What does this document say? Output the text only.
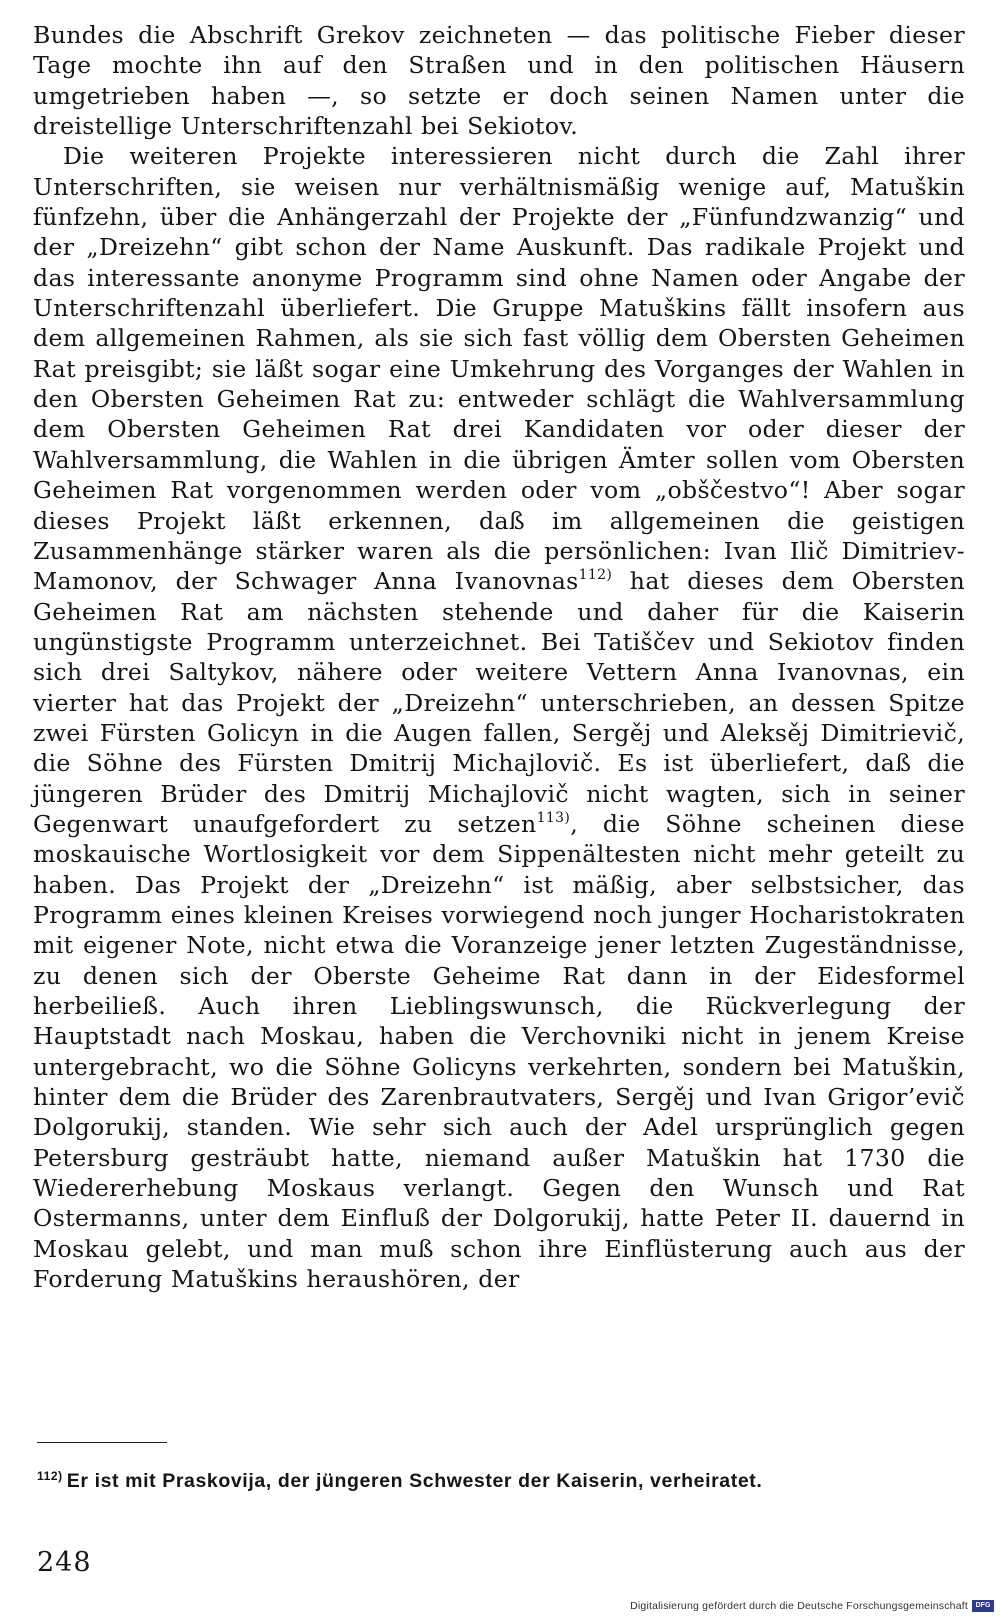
Bundes die Abschrift Grekov zeichneten — das politische Fieber dieser Tage mochte ihn auf den Straßen und in den politischen Häusern umgetrieben haben —, so setzte er doch seinen Namen unter die dreistellige Unterschriftenzahl bei Sekiotov.

Die weiteren Projekte interessieren nicht durch die Zahl ihrer Unterschriften, sie weisen nur verhältnismäßig wenige auf, Matuškin fünfzehn, über die Anhängerzahl der Projekte der „Fünfundzwanzig“ und der „Dreizehn“ gibt schon der Name Auskunft. Das radikale Projekt und das interessante anonyme Programm sind ohne Namen oder Angabe der Unterschriftenzahl überliefert. Die Gruppe Matuškins fällt insofern aus dem allgemeinen Rahmen, als sie sich fast völlig dem Obersten Geheimen Rat preisgibt; sie läßt sogar eine Umkehrung des Vorganges der Wahlen in den Obersten Geheimen Rat zu: entweder schlägt die Wahlversammlung dem Obersten Geheimen Rat drei Kandidaten vor oder dieser der Wahlversammlung, die Wahlen in die übrigen Ämter sollen vom Obersten Geheimen Rat vorgenommen werden oder vom „obščestvo“! Aber sogar dieses Projekt läßt erkennen, daß im allgemeinen die geistigen Zusammenhänge stärker waren als die persönlichen: Ivan Ilič Dimitriev-Mamonov, der Schwager Anna Ivanovnas$^{112)}$ hat dieses dem Obersten Geheimen Rat am nächsten stehende und daher für die Kaiserin ungünstigste Programm unterzeichnet. Bei Tatiščev und Sekiotov finden sich drei Saltykov, nähere oder weitere Vettern Anna Ivanovnas, ein vierter hat das Projekt der „Dreizehn“ unterschrieben, an dessen Spitze zwei Fürsten Golicyn in die Augen fallen, Sergěj und Aleksěj Dimitrievič, die Söhne des Fürsten Dmitrij Michajlovič. Es ist überliefert, daß die jüngeren Brüder des Dmitrij Michajlovič nicht wagten, sich in seiner Gegenwart unaufgefordert zu setzen$^{113)}$, die Söhne scheinen diese moskauische Wortlosigkeit vor dem Sippenältesten nicht mehr geteilt zu haben. Das Projekt der „Dreizehn“ ist mäßig, aber selbstsicher, das Programm eines kleinen Kreises vorwiegend noch junger Hocharistokraten mit eigener Note, nicht etwa die Voranzeige jener letzten Zugeständnisse, zu denen sich der Oberste Geheime Rat dann in der Eidesformel herbeiließ. Auch ihren Lieblingswunsch, die Rückverlegung der Hauptstadt nach Moskau, haben die Verchovniki nicht in jenem Kreise untergebracht, wo die Söhne Golicyns verkehrten, sondern bei Matuškin, hinter dem die Brüder des Zarenbrautvaters, Sergěj und Ivan Grigor’evič Dolgorukij, standen. Wie sehr sich auch der Adel ursprünglich gegen Petersburg gesträubt hatte, niemand außer Matuškin hat 1730 die Wiedererhebung Moskaus verlangt. Gegen den Wunsch und Rat Ostermanns, unter dem Einfluß der Dolgorukij, hatte Peter II. dauernd in Moskau gelebt, und man muß schon ihre Einflüsterung auch aus der Forderung Matuškins heraushören, der

$^{112)}$ Er ist mit Praskovija, der jüngeren Schwester der Kaiserin, verheiratet.

248

Digitalisierung gefördert durch die Deutsche Forschungsgemeinschaft	DFG
